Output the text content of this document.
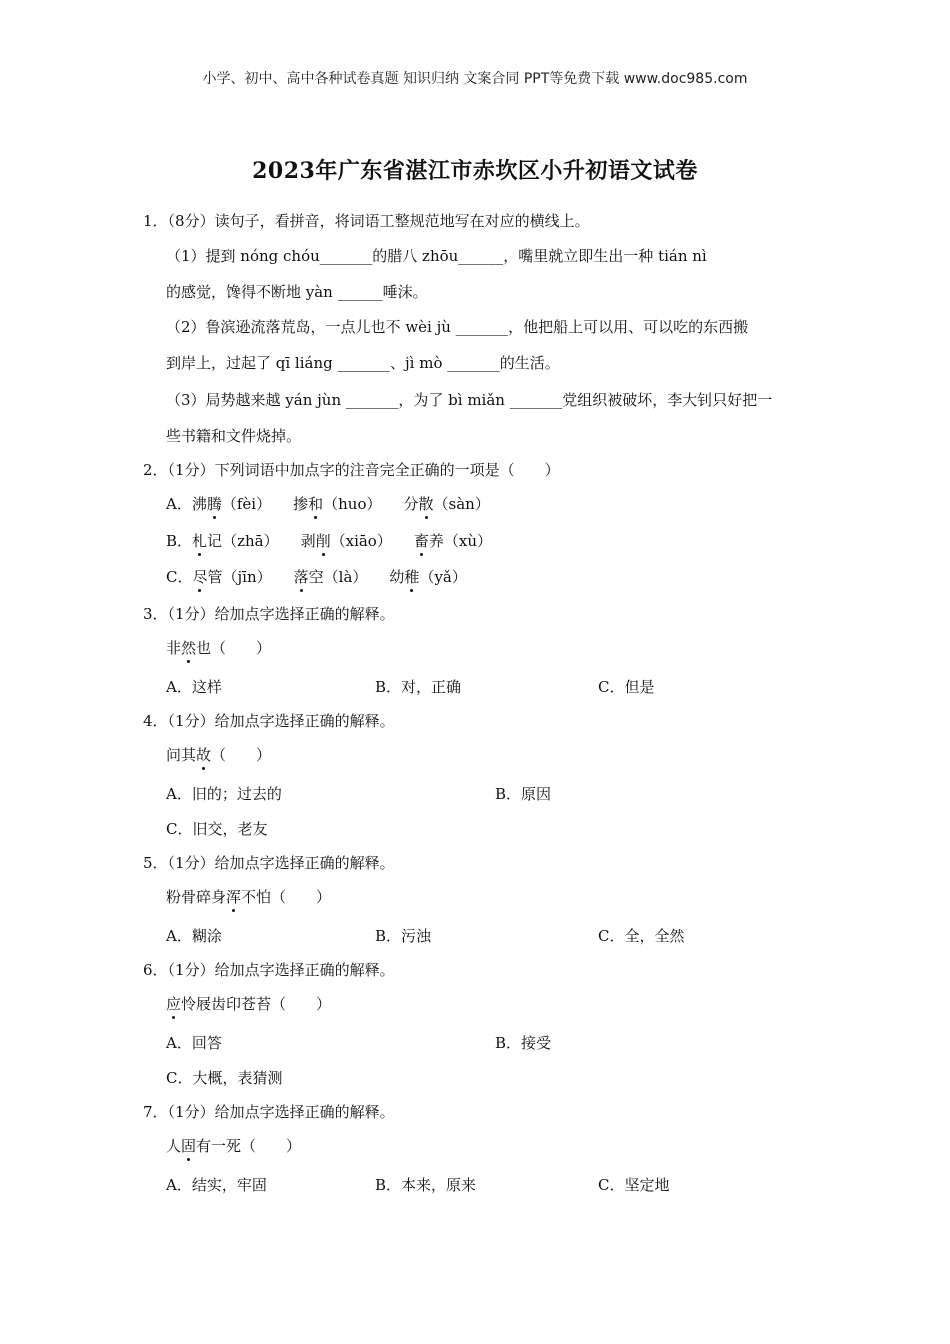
小学、初中、高中各种试卷真题 知识归纳 文案合同 PPT等免费下载 www.doc985.com
2023年广东省湛江市赤坎区小升初语文试卷
1．（8分）读句子，看拼音，将词语工整规范地写在对应的横线上。
（1）提到 nóng chóu_______的腊八 zhōu______，嘴里就立即生出一种 tián nì
的感觉，馋得不断地 yàn ______唾沫。
（2）鲁滨逊流落荒岛，一点儿也不 wèi jù _______，他把船上可以用、可以吃的东西搬
到岸上，过起了 qī liáng _______、jì mò _______的生活。
（3）局势越来越 yán jùn _______，为了 bì miǎn _______党组织被破坏，李大钊只好把一
些书籍和文件烧掉。
2．（1分）下列词语中加点字的注音完全正确的一项是（　　）
A．沸腾（fèi） 掺和（huo） 分散（sàn）
B．札记（zhā） 剥削（xiāo） 畜养（xù）
C．尽管（jīn） 落空（là） 幼稚（yǎ）
3．（1分）给加点字选择正确的解释。
非然也（　　）
A．这样	B．对，正确	C．但是
4．（1分）给加点字选择正确的解释。
问其故（　　）
A．旧的；过去的	B．原因
C．旧交，老友
5．（1分）给加点字选择正确的解释。
粉骨碎身浑不怕（　　）
A．糊涂	B．污浊	C．全，全然
6．（1分）给加点字选择正确的解释。
应怜屐齿印苍苔（　　）
A．回答	B．接受
C．大概，表猜测
7．（1分）给加点字选择正确的解释。
人固有一死（　　）
A．结实，牢固	B．本来，原来	C．坚定地
